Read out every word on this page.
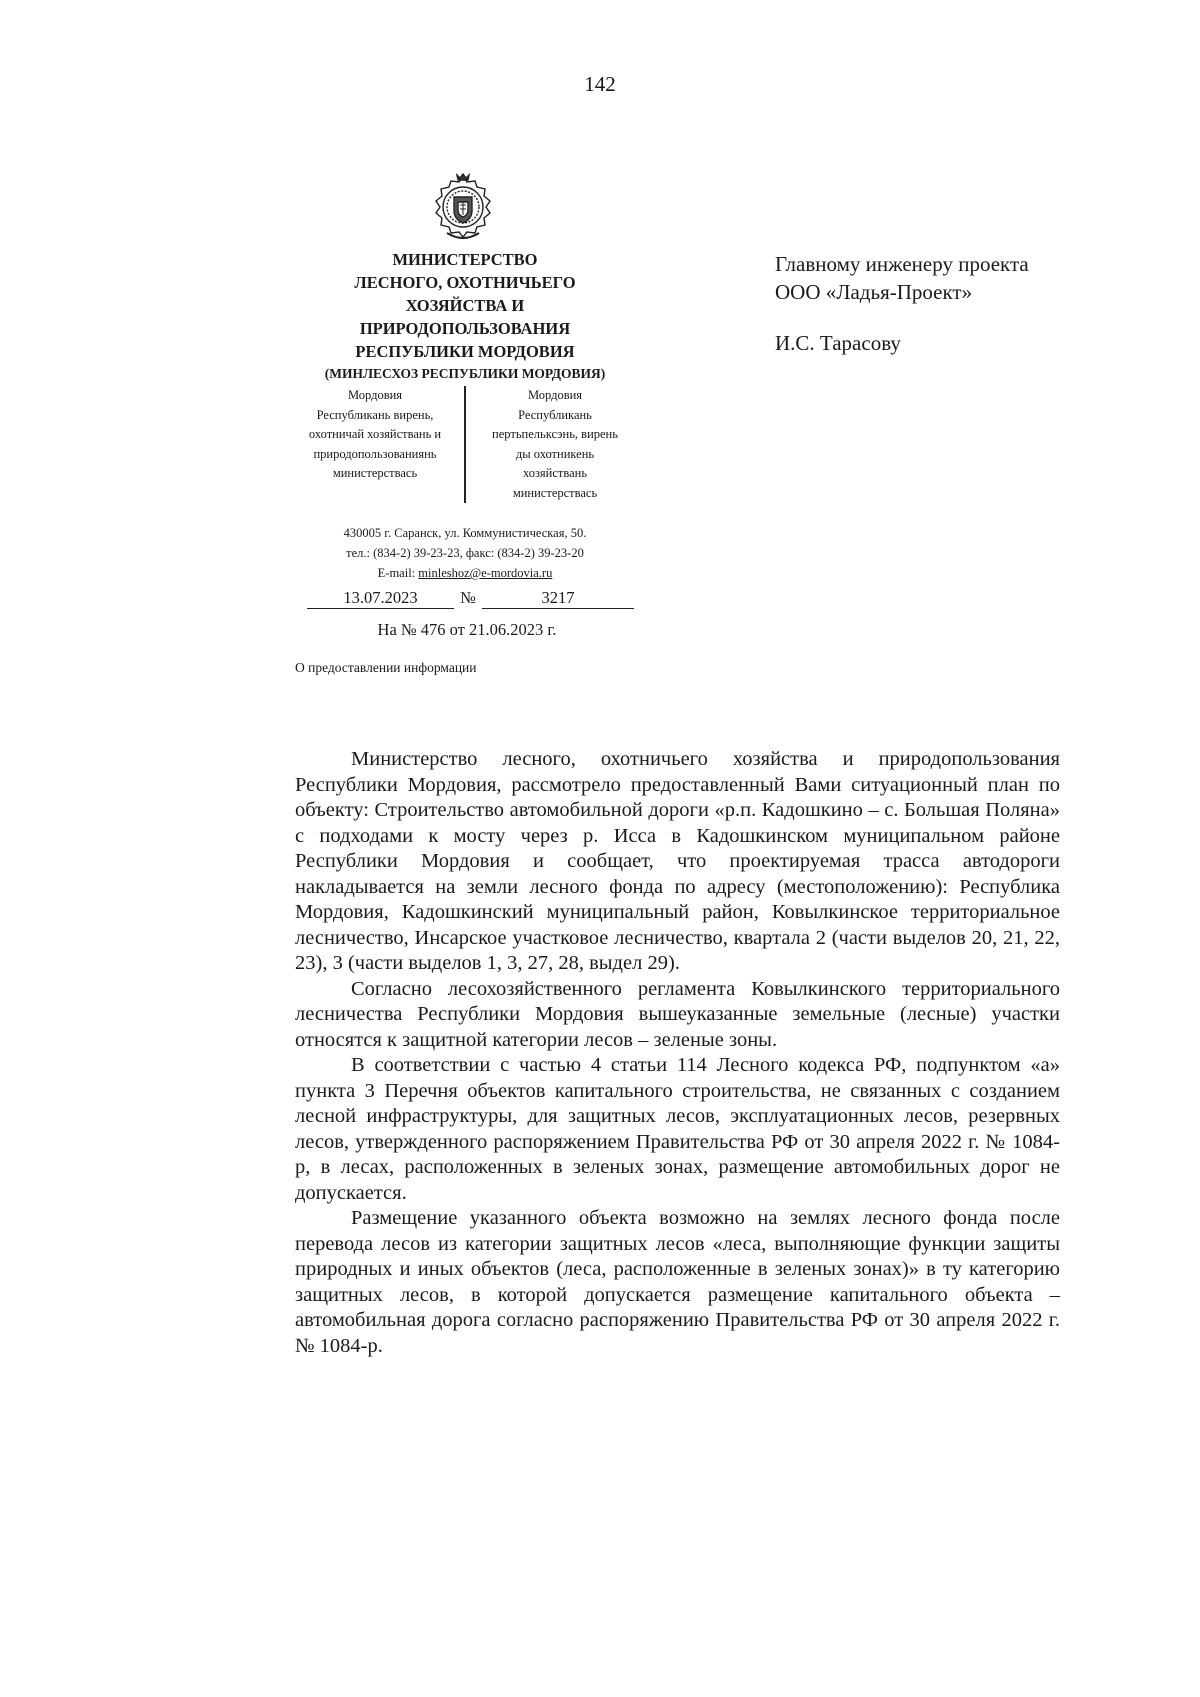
142
МИНИСТЕРСТВО
ЛЕСНОГО, ОХОТНИЧЬЕГО
ХОЗЯЙСТВА И
ПРИРОДОПОЛЬЗОВАНИЯ
РЕСПУБЛИКИ МОРДОВИЯ
(МИНЛЕСХОЗ РЕСПУБЛИКИ МОРДОВИЯ)
Мордовия
Республикань вирень,
охотничай хозяйствань и
природопользованиянь
министерствась
Мордовия
Республикань
пертьпельксэнь, вирень
ды охотникень
хозяйствань
министерствась
430005 г. Саранск, ул. Коммунистическая, 50.
тел.: (834-2) 39-23-23, факс: (834-2) 39-23-20
E-mail: minleshoz@e-mordovia.ru
13.07.2023	№	3217
На № 476 от 21.06.2023 г.
О предоставлении информации
Главному инженеру проекта
ООО «Ладья-Проект»
И.С. Тарасову

Министерство лесного, охотничьего хозяйства и природопользования Республики Мордовия, рассмотрело предоставленный Вами ситуационный план по объекту: Строительство автомобильной дороги «р.п. Кадошкино – с. Большая Поляна» с подходами к мосту через р. Исса в Кадошкинском муниципальном районе Республики Мордовия и сообщает, что проектируемая трасса автодороги накладывается на земли лесного фонда по адресу (местоположению): Республика Мордовия, Кадошкинский муниципальный район, Ковылкинское территориальное лесничество, Инсарское участковое лесничество, квартала 2 (части выделов 20, 21, 22, 23), 3 (части выделов 1, 3, 27, 28, выдел 29).

Согласно лесохозяйственного регламента Ковылкинского территориального лесничества Республики Мордовия вышеуказанные земельные (лесные) участки относятся к защитной категории лесов – зеленые зоны.

В соответствии с частью 4 статьи 114 Лесного кодекса РФ, подпунктом «а» пункта 3 Перечня объектов капитального строительства, не связанных с созданием лесной инфраструктуры, для защитных лесов, эксплуатационных лесов, резервных лесов, утвержденного распоряжением Правительства РФ от 30 апреля 2022 г. № 1084-р, в лесах, расположенных в зеленых зонах, размещение автомобильных дорог не допускается.

Размещение указанного объекта возможно на землях лесного фонда после перевода лесов из категории защитных лесов «леса, выполняющие функции защиты природных и иных объектов (леса, расположенные в зеленых зонах)» в ту категорию защитных лесов, в которой допускается размещение капитального объекта – автомобильная дорога согласно распоряжению Правительства РФ от 30 апреля 2022 г. № 1084-р.
